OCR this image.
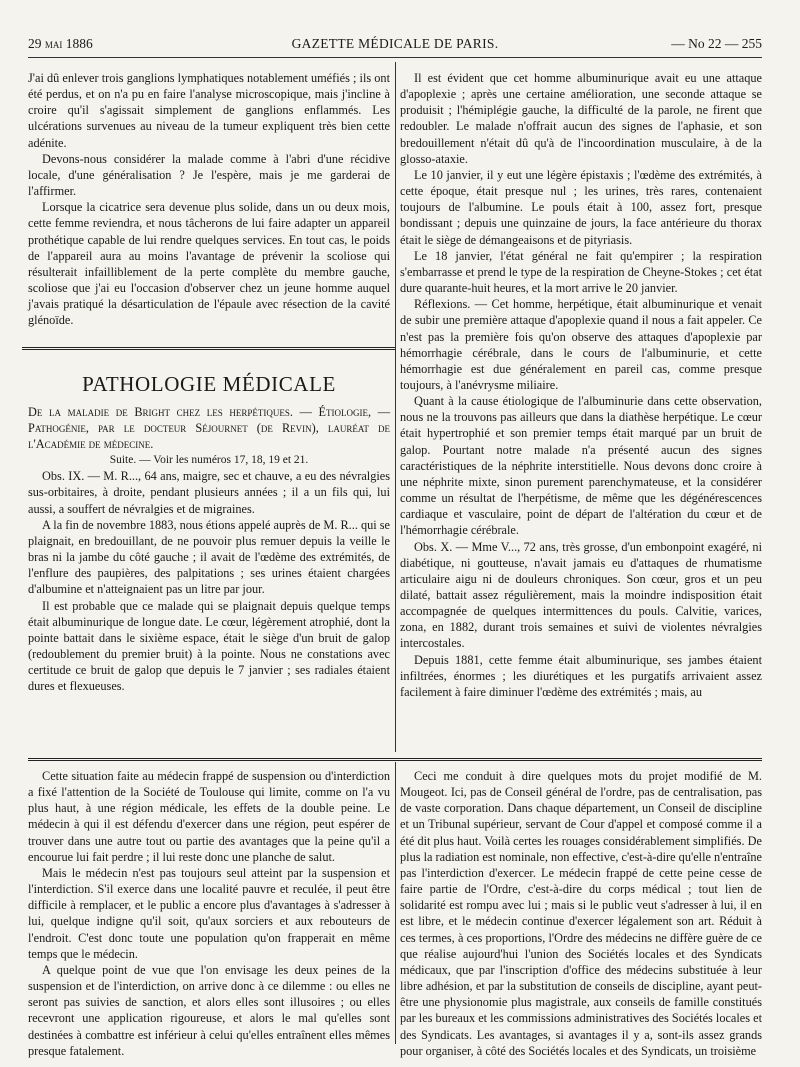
29 mai 1886	GAZETTE MÉDICALE DE PARIS.	— No 22 — 255

J'ai dû enlever trois ganglions lymphatiques notablement uméfiés ; ils ont été perdus, et on n'a pu en faire l'analyse microscopique, mais j'incline à croire qu'il s'agissait simplement de ganglions enflammés. Les ulcérations survenues au niveau de la tumeur expliquent très bien cette adénite.

Devons-nous considérer la malade comme à l'abri d'une récidive locale, d'une généralisation ? Je l'espère, mais je me garderai de l'affirmer.

Lorsque la cicatrice sera devenue plus solide, dans un ou deux mois, cette femme reviendra, et nous tâcherons de lui faire adapter un appareil prothétique capable de lui rendre quelques services. En tout cas, le poids de l'appareil aura au moins l'avantage de prévenir la scoliose qui résulterait infailliblement de la perte complète du membre gauche, scoliose que j'ai eu l'occasion d'observer chez un jeune homme auquel j'avais pratiqué la désarticulation de l'épaule avec résection de la cavité glénoïde.

PATHOLOGIE MÉDICALE

De la maladie de Bright chez les herpétiques. — Étiologie, — Pathogénie, par le docteur Séjournet (de Revin), lauréat de l'Académie de médecine.

Suite. — Voir les numéros 17, 18, 19 et 21.

Obs. IX. — M. R..., 64 ans, maigre, sec et chauve, a eu des névralgies sus-orbitaires, à droite, pendant plusieurs années ; il a un fils qui, lui aussi, a souffert de névralgies et de migraines.

A la fin de novembre 1883, nous étions appelé auprès de M. R... qui se plaignait, en bredouillant, de ne pouvoir plus remuer depuis la veille le bras ni la jambe du côté gauche ; il avait de l'œdème des extrémités, de l'enflure des paupières, des palpitations ; ses urines étaient chargées d'albumine et n'atteignaient pas un litre par jour.

Il est probable que ce malade qui se plaignait depuis quelque temps était albuminurique de longue date. Le cœur, légèrement atrophié, dont la pointe battait dans le sixième espace, était le siège d'un bruit de galop (redoublement du premier bruit) à la pointe. Nous ne constations avec certitude ce bruit de galop que depuis le 7 janvier ; ses radiales étaient dures et flexueuses.

Il est évident que cet homme albuminurique avait eu une attaque d'apoplexie ; après une certaine amélioration, une seconde attaque se produisit ; l'hémiplégie gauche, la difficulté de la parole, ne firent que redoubler. Le malade n'offrait aucun des signes de l'aphasie, et son bredouillement n'était dû qu'à de l'incoordination musculaire, à de la glosso-ataxie.

Le 10 janvier, il y eut une légère épistaxis ; l'œdème des extrémités, à cette époque, était presque nul ; les urines, très rares, contenaient toujours de l'albumine. Le pouls était à 100, assez fort, presque bondissant ; depuis une quinzaine de jours, la face antérieure du thorax était le siège de démangeaisons et de pityriasis.

Le 18 janvier, l'état général ne fait qu'empirer ; la respiration s'embarrasse et prend le type de la respiration de Cheyne-Stokes ; cet état dure quarante-huit heures, et la mort arrive le 20 janvier.

Réflexions. — Cet homme, herpétique, était albuminurique et venait de subir une première attaque d'apoplexie quand il nous a fait appeler. Ce n'est pas la première fois qu'on observe des attaques d'apoplexie par hémorrhagie cérébrale, dans le cours de l'albuminurie, et cette hémorrhagie est due généralement en pareil cas, comme presque toujours, à l'anévrysme miliaire.

Quant à la cause étiologique de l'albuminurie dans cette observation, nous ne la trouvons pas ailleurs que dans la diathèse herpétique. Le cœur était hypertrophié et son premier temps était marqué par un bruit de galop. Pourtant notre malade n'a présenté aucun des signes caractéristiques de la néphrite interstitielle. Nous devons donc croire à une néphrite mixte, sinon purement parenchymateuse, et la considérer comme un résultat de l'herpétisme, de même que les dégénérescences cardiaque et vasculaire, point de départ de l'altération du cœur et de l'hémorrhagie cérébrale.

Obs. X. — Mme V..., 72 ans, très grosse, d'un embonpoint exagéré, ni diabétique, ni goutteuse, n'avait jamais eu d'attaques de rhumatisme articulaire aigu ni de douleurs chroniques. Son cœur, gros et un peu dilaté, battait assez régulièrement, mais la moindre indisposition était accompagnée de quelques intermittences du pouls. Calvitie, varices, zona, en 1882, durant trois semaines et suivi de violentes névralgies intercostales.

Depuis 1881, cette femme était albuminurique, ses jambes étaient infiltrées, énormes ; les diurétiques et les purgatifs arrivaient assez facilement à faire diminuer l'œdème des extrémités ; mais, au

Cette situation faite au médecin frappé de suspension ou d'interdiction a fixé l'attention de la Société de Toulouse qui limite, comme on l'a vu plus haut, à une région médicale, les effets de la double peine. Le médecin à qui il est défendu d'exercer dans une région, peut espérer de trouver dans une autre tout ou partie des avantages que la peine qu'il a encourue lui fait perdre ; il lui reste donc une planche de salut.

Mais le médecin n'est pas toujours seul atteint par la suspension et l'interdiction. S'il exerce dans une localité pauvre et reculée, il peut être difficile à remplacer, et le public a encore plus d'avantages à s'adresser à lui, quelque indigne qu'il soit, qu'aux sorciers et aux rebouteurs de l'endroit. C'est donc toute une population qu'on frapperait en même temps que le médecin.

A quelque point de vue que l'on envisage les deux peines de la suspension et de l'interdiction, on arrive donc à ce dilemme : ou elles ne seront pas suivies de sanction, et alors elles sont illusoires ; ou elles recevront une application rigoureuse, et alors le mal qu'elles sont destinées à combattre est inférieur à celui qu'elles entraînent elles mêmes presque fatalement.

Ceci me conduit à dire quelques mots du projet modifié de M. Mougeot. Ici, pas de Conseil général de l'ordre, pas de centralisation, pas de vaste corporation. Dans chaque département, un Conseil de discipline et un Tribunal supérieur, servant de Cour d'appel et composé comme il a été dit plus haut. Voilà certes les rouages considérablement simplifiés. De plus la radiation est nominale, non effective, c'est-à-dire qu'elle n'entraîne pas l'interdiction d'exercer. Le médecin frappé de cette peine cesse de faire partie de l'Ordre, c'est-à-dire du corps médical ; tout lien de solidarité est rompu avec lui ; mais si le public veut s'adresser à lui, il en est libre, et le médecin continue d'exercer légalement son art. Réduit à ces termes, à ces proportions, l'Ordre des médecins ne diffère guère de ce que réalise aujourd'hui l'union des Sociétés locales et des Syndicats médicaux, que par l'inscription d'office des médecins substituée à leur libre adhésion, et par la substitution de conseils de discipline, ayant peut-être une physionomie plus magistrale, aux conseils de famille constitués par les bureaux et les commissions administratives des Sociétés locales et des Syndicats. Les avantages, si avantages il y a, sont-ils assez grands pour organiser, à côté des Sociétés locales et des Syndicats, un troisième
